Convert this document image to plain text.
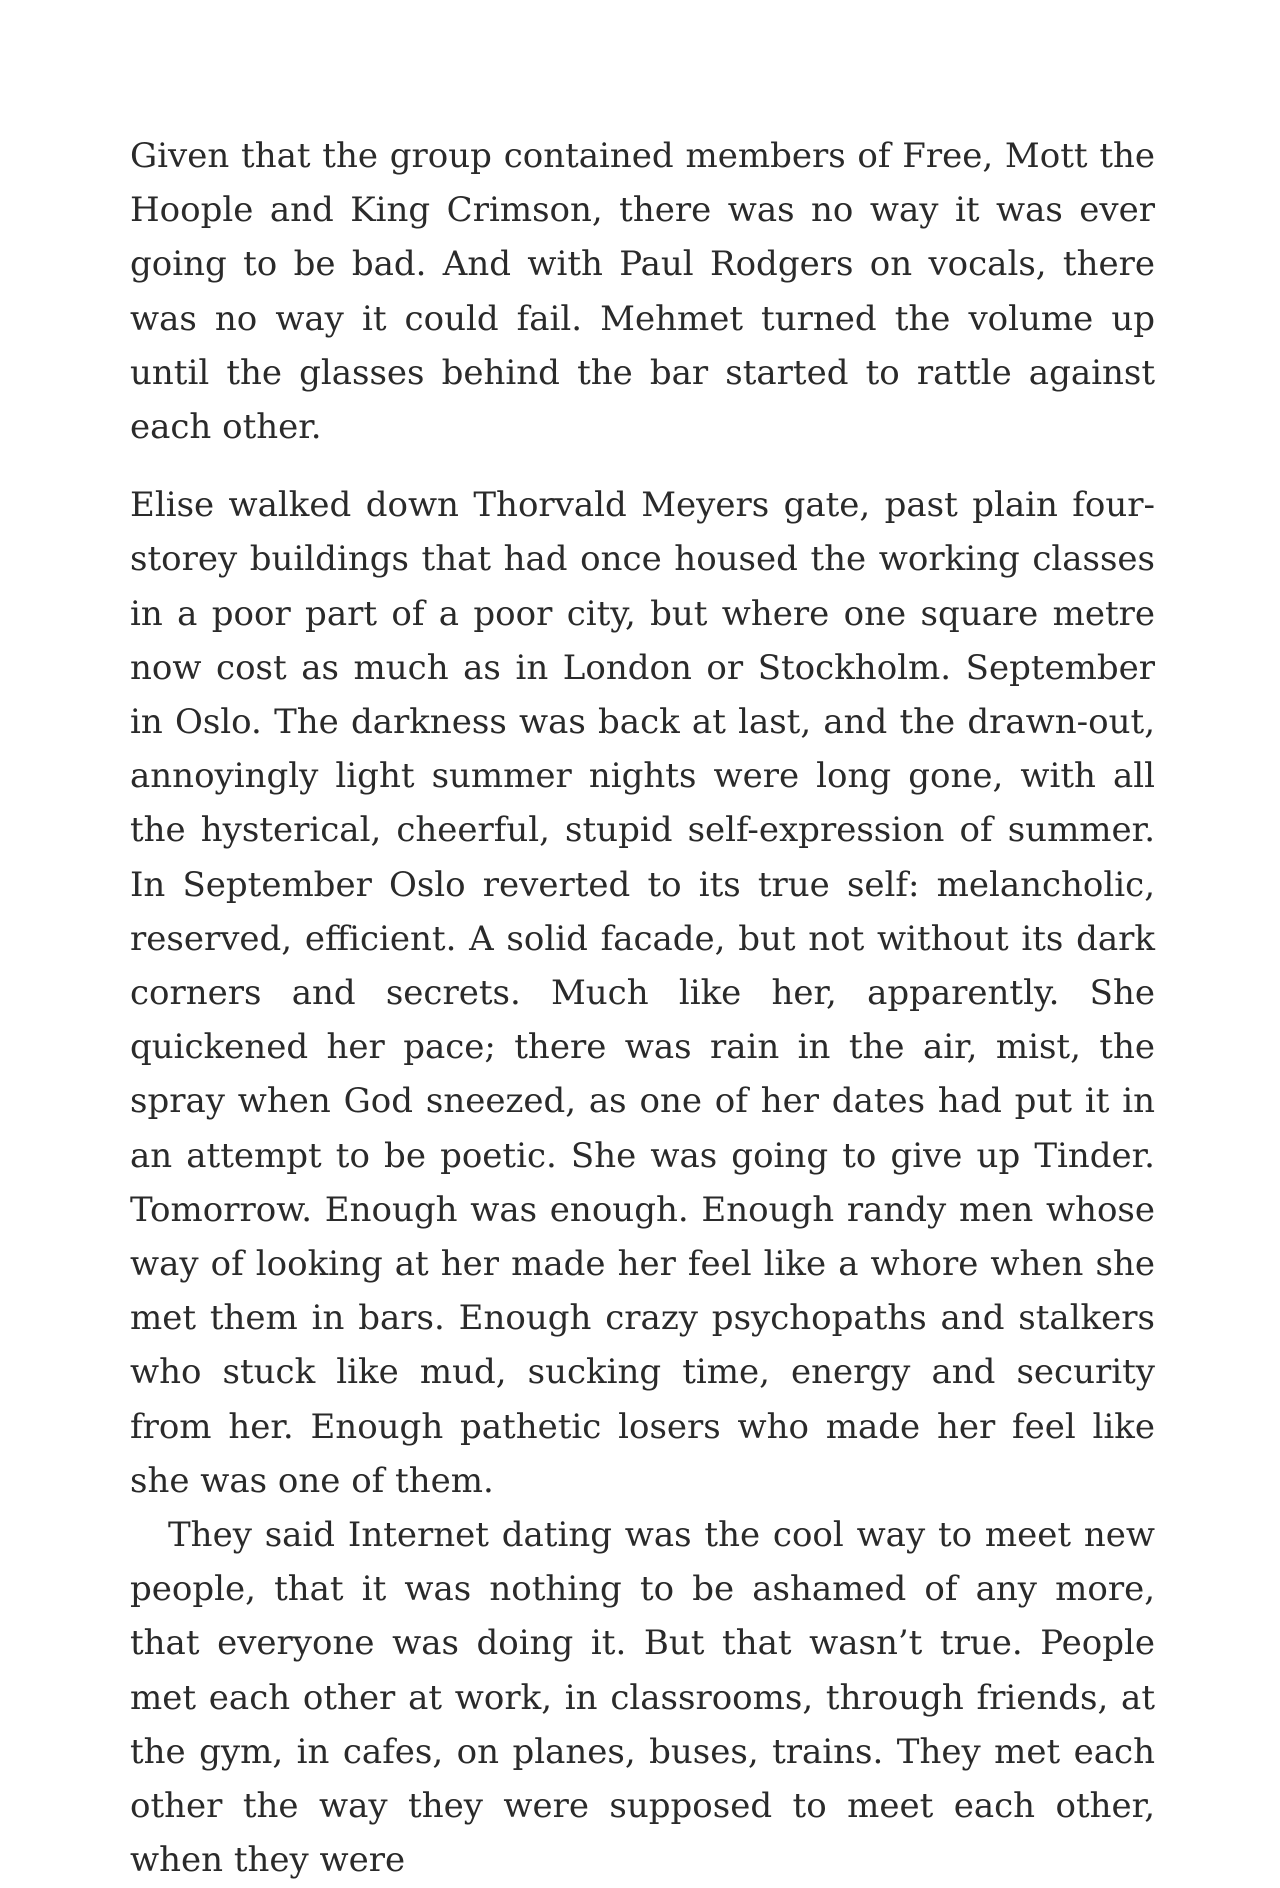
Given that the group contained members of Free, Mott the Hoople and King Crimson, there was no way it was ever going to be bad. And with Paul Rodgers on vocals, there was no way it could fail. Mehmet turned the volume up until the glasses behind the bar started to rattle against each other.

Elise walked down Thorvald Meyers gate, past plain four-storey buildings that had once housed the working classes in a poor part of a poor city, but where one square metre now cost as much as in London or Stockholm. September in Oslo. The darkness was back at last, and the drawn-out, annoyingly light summer nights were long gone, with all the hysterical, cheerful, stupid self-expression of summer. In September Oslo reverted to its true self: melancholic, reserved, efficient. A solid facade, but not without its dark corners and secrets. Much like her, apparently. She quickened her pace; there was rain in the air, mist, the spray when God sneezed, as one of her dates had put it in an attempt to be poetic. She was going to give up Tinder. Tomorrow. Enough was enough. Enough randy men whose way of looking at her made her feel like a whore when she met them in bars. Enough crazy psychopaths and stalkers who stuck like mud, sucking time, energy and security from her. Enough pathetic losers who made her feel like she was one of them.

They said Internet dating was the cool way to meet new people, that it was nothing to be ashamed of any more, that everyone was doing it. But that wasn’t true. People met each other at work, in classrooms, through friends, at the gym, in cafes, on planes, buses, trains. They met each other the way they were supposed to meet each other, when they were
